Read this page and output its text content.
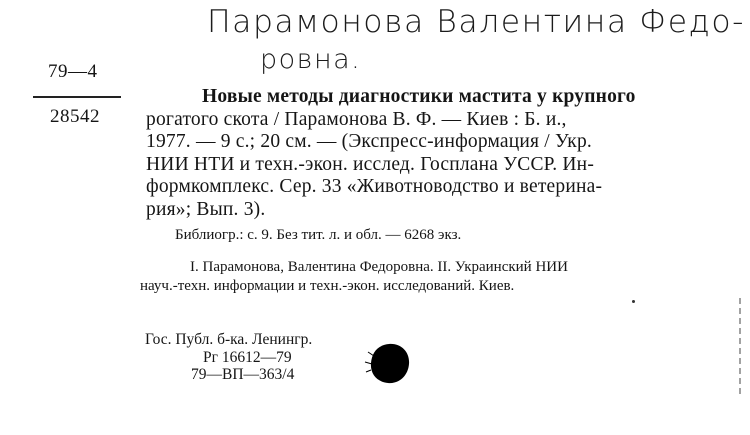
Парамонова Валентина Федо-
ровна.
79—4
28542
Новые методы диагностики мастита у крупного
рогатого скота / Парамонова В. Ф. — Киев : Б. и.,
1977. — 9 с.; 20 см. — (Экспресс-информация / Укр.
НИИ НТИ и техн.-экон. исслед. Госплана УССР. Ин-
формкомплекс. Сер. 33 «Животноводство и ветерина-
рия»; Вып. 3).
Библиогр.: с. 9. Без тит. л. и обл. — 6268 экз.
I. Парамонова, Валентина Федоровна. II. Украинский НИИ
науч.-техн. информации и техн.-экон. исследований. Киев.
Гос. Публ. б-ка. Ленингр.
Рг 16612—79
79—ВП—363/4
